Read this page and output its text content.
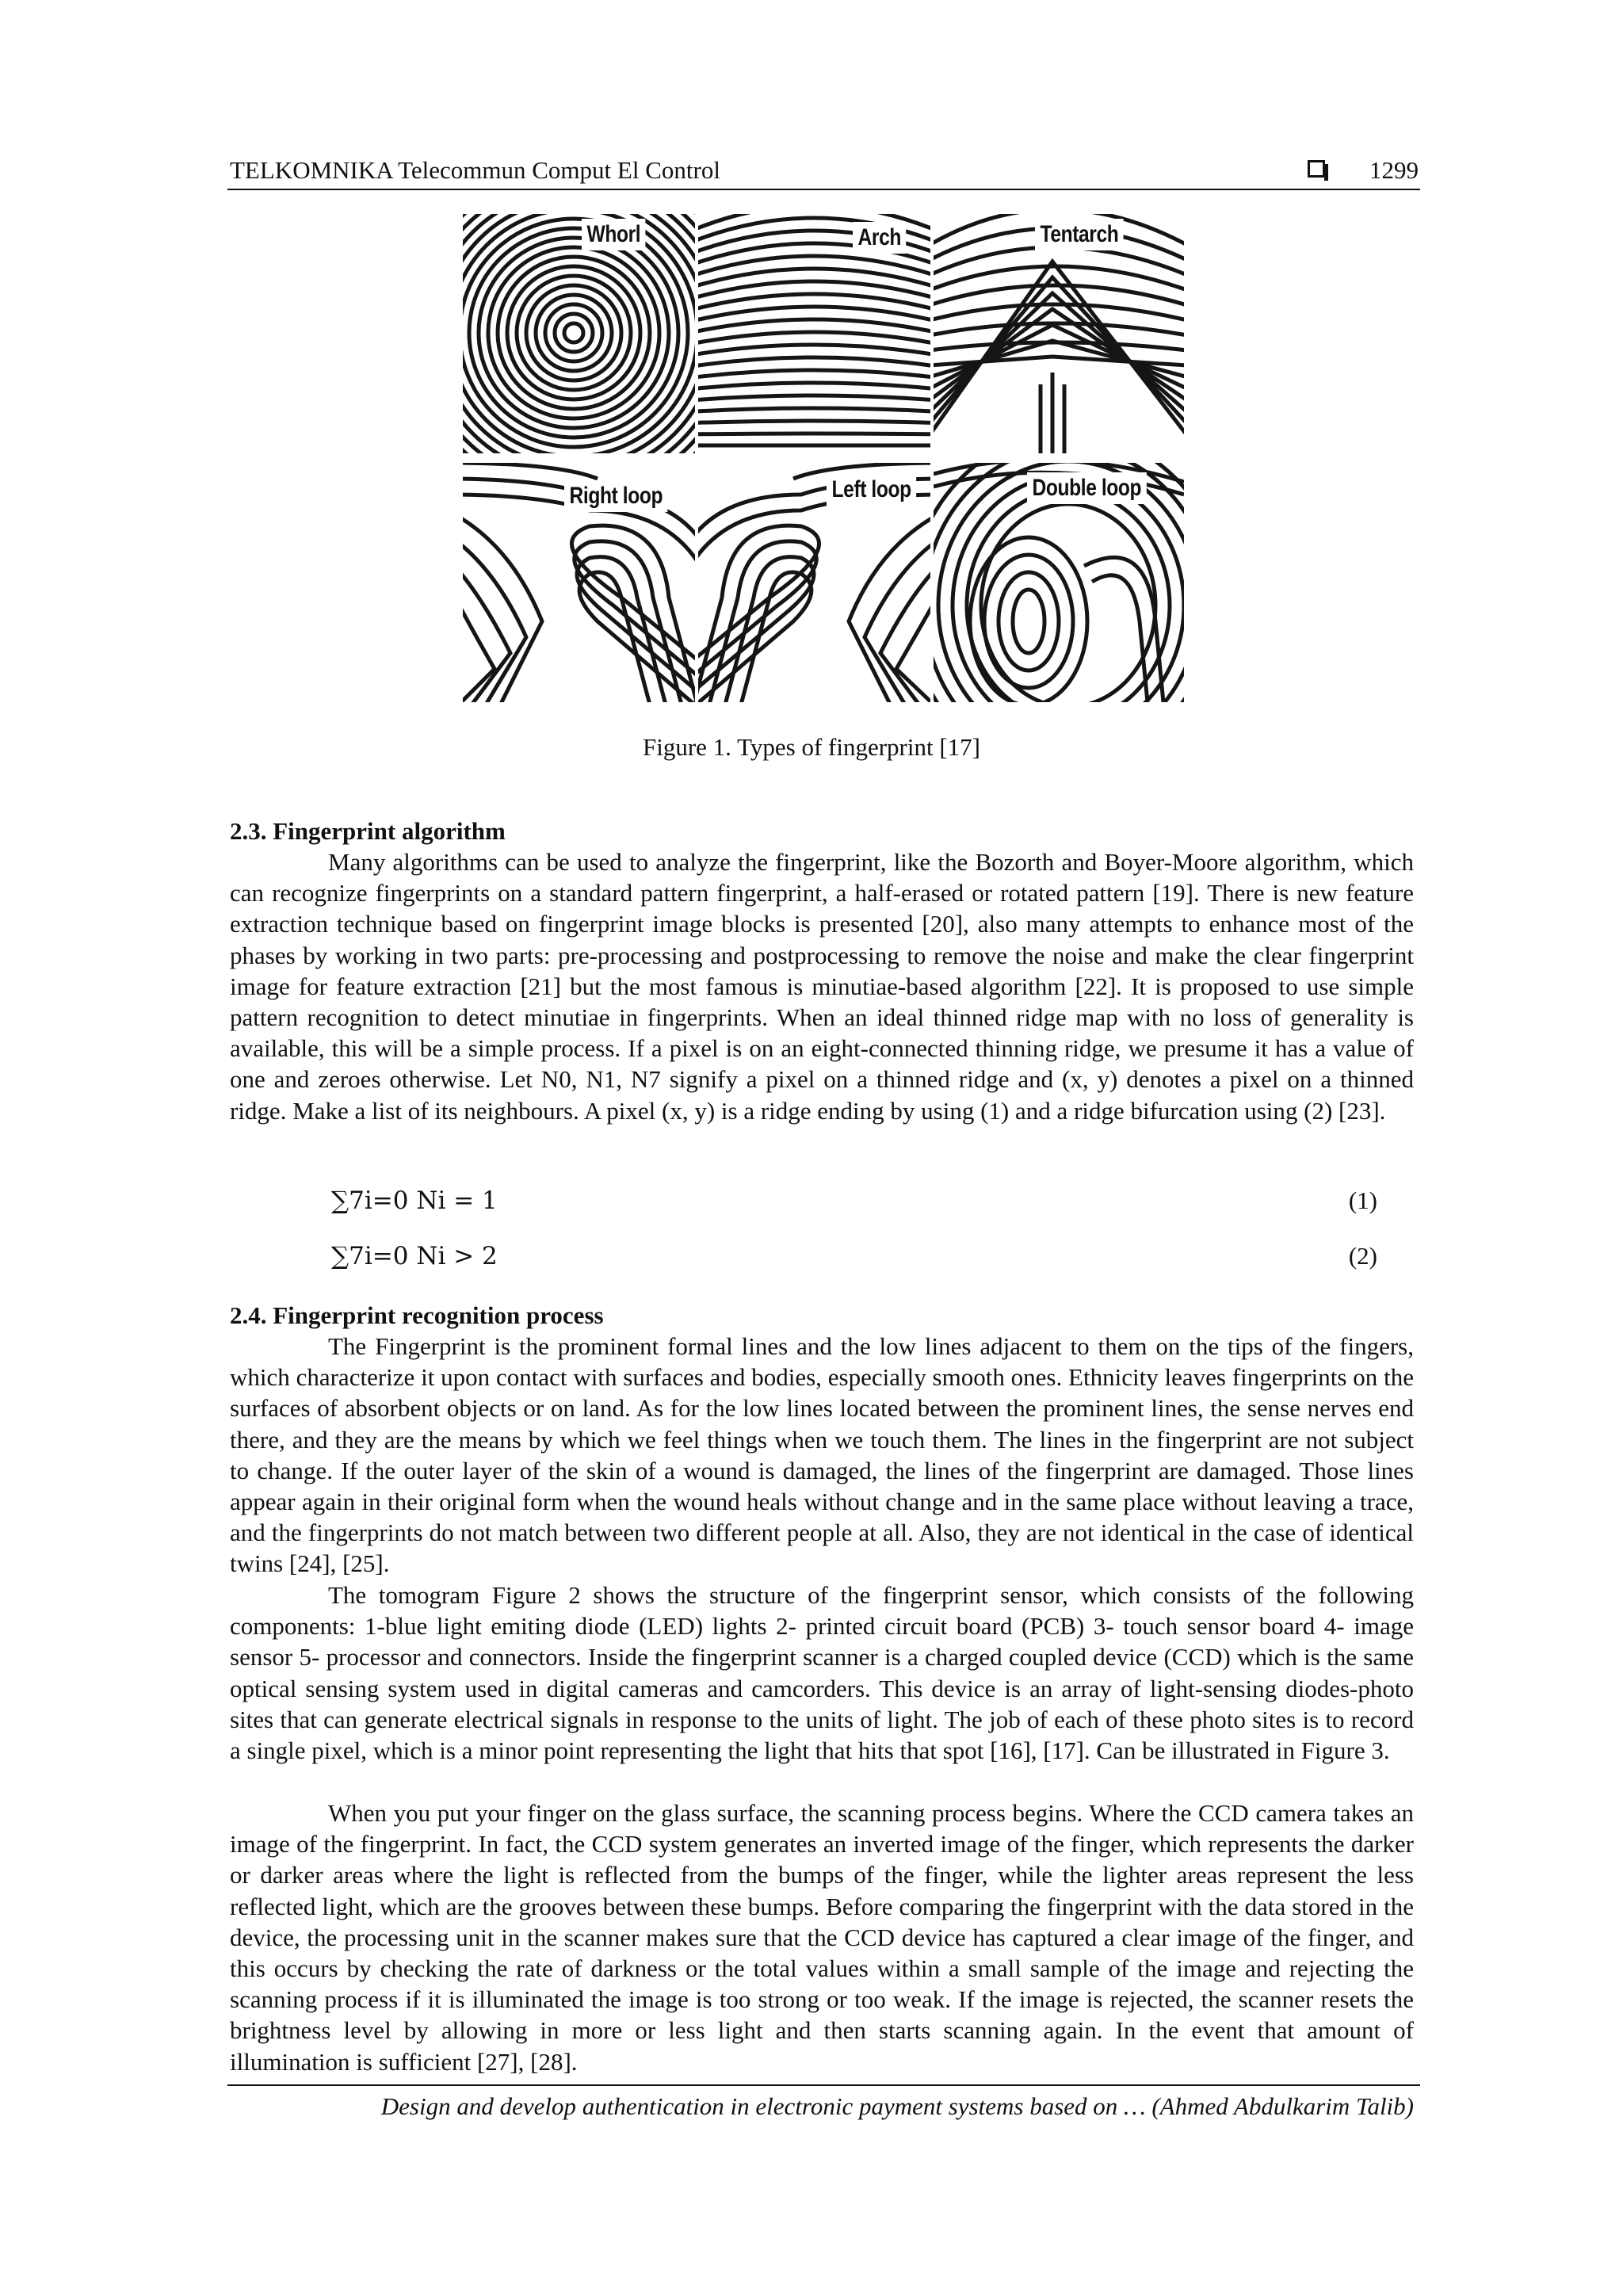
TELKOMNIKA Telecommun Comput El Control	1299
Whorl	Arch	Tentarch
Right loop	Left loop	Double loop
Figure 1. Types of fingerprint [17]
2.3. Fingerprint algorithm

Many algorithms can be used to analyze the fingerprint, like the Bozorth and Boyer-Moore algorithm, which can recognize fingerprints on a standard pattern fingerprint, a half-erased or rotated pattern [19]. There is new feature extraction technique based on fingerprint image blocks is presented [20], also many attempts to enhance most of the phases by working in two parts: pre-processing and postprocessing to remove the noise and make the clear fingerprint image for feature extraction [21] but the most famous is minutiae-based algorithm [22]. It is proposed to use simple pattern recognition to detect minutiae in fingerprints. When an ideal thinned ridge map with no loss of generality is available, this will be a simple process. If a pixel is on an eight-connected thinning ridge, we presume it has a value of one and zeroes otherwise. Let N0, N1, N7 signify a pixel on a thinned ridge and (x, y) denotes a pixel on a thinned ridge. Make a list of its neighbours. A pixel (x, y) is a ridge ending by using (1) and a ridge bifurcation using (2) [23].

∑7i=0 Ni = 1	(1)
∑7i=0 Ni > 2	(2)
2.4. Fingerprint recognition process

The Fingerprint is the prominent formal lines and the low lines adjacent to them on the tips of the fingers, which characterize it upon contact with surfaces and bodies, especially smooth ones. Ethnicity leaves fingerprints on the surfaces of absorbent objects or on land. As for the low lines located between the prominent lines, the sense nerves end there, and they are the means by which we feel things when we touch them. The lines in the fingerprint are not subject to change. If the outer layer of the skin of a wound is damaged, the lines of the fingerprint are damaged. Those lines appear again in their original form when the wound heals without change and in the same place without leaving a trace, and the fingerprints do not match between two different people at all. Also, they are not identical in the case of identical twins [24], [25].

The tomogram Figure 2 shows the structure of the fingerprint sensor, which consists of the following components: 1-blue light emiting diode (LED) lights 2- printed circuit board (PCB) 3- touch sensor board 4- image sensor 5- processor and connectors. Inside the fingerprint scanner is a charged coupled device (CCD) which is the same optical sensing system used in digital cameras and camcorders. This device is an array of light-sensing diodes-photo sites that can generate electrical signals in response to the units of light. The job of each of these photo sites is to record a single pixel, which is a minor point representing the light that hits that spot [16], [17]. Can be illustrated in Figure 3.

When you put your finger on the glass surface, the scanning process begins. Where the CCD camera takes an image of the fingerprint. In fact, the CCD system generates an inverted image of the finger, which represents the darker or darker areas where the light is reflected from the bumps of the finger, while the lighter areas represent the less reflected light, which are the grooves between these bumps. Before comparing the fingerprint with the data stored in the device, the processing unit in the scanner makes sure that the CCD device has captured a clear image of the finger, and this occurs by checking the rate of darkness or the total values within a small sample of the image and rejecting the scanning process if it is illuminated the image is too strong or too weak. If the image is rejected, the scanner resets the brightness level by allowing in more or less light and then starts scanning again. In the event that amount of illumination is sufficient [27], [28].

Design and develop authentication in electronic payment systems based on … (Ahmed Abdulkarim Talib)
